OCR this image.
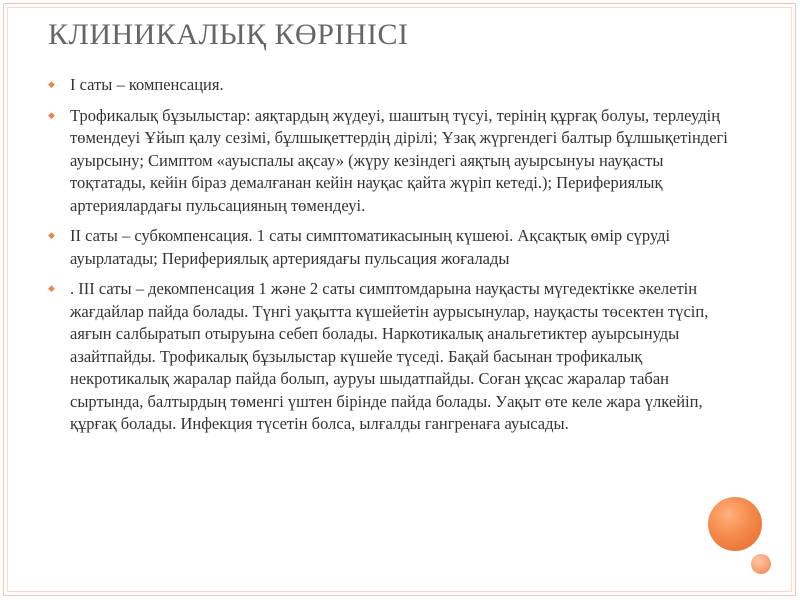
КЛИНИКАЛЫҚ КӨРІНІСІ
◆ І саты – компенсация.
◆ Трофикалық бұзылыстар: аяқтардың жүдеуі, шаштың түсуі, терінің құрғақ болуы, терлеудің төмендеуі Ұйып қалу сезімі, бұлшықеттердің дірілі; Ұзақ жүргендегі балтыр бұлшықетіндегі ауырсыну; Симптом «ауыспалы ақсау» (жүру кезіндегі аяқтың ауырсынуы науқасты тоқтатады, кейін біраз демалғанан кейін науқас қайта жүріп кетеді.); Перифериялық артериялардағы пульсацияның төмендеуі.
◆ ІІ саты – субкомпенсация. 1 саты симптоматикасының күшеюі. Ақсақтық өмір сүруді ауырлатады; Перифериялық артериядағы пульсация жоғалады
◆ . ІІІ саты – декомпенсация 1 және 2 саты симптомдарына науқасты мүгедектікке әкелетін жағдайлар пайда болады. Түнгі уақытта күшейетін аурысынулар, науқасты төсектен түсіп, аяғын салбыратып отыруына себеп болады. Наркотикалық анальгетиктер ауырсынуды азайтпайды. Трофикалық бұзылыстар күшейе түседі. Бақай басынан трофикалық некротикалық жаралар пайда болып, ауруы шыдатпайды. Соған ұқсас жаралар табан сыртында, балтырдың төменгі үштен бірінде пайда болады. Уақыт өте келе жара үлкейіп, құрғақ болады. Инфекция түсетін болса, ылғалды гангренаға ауысады.
